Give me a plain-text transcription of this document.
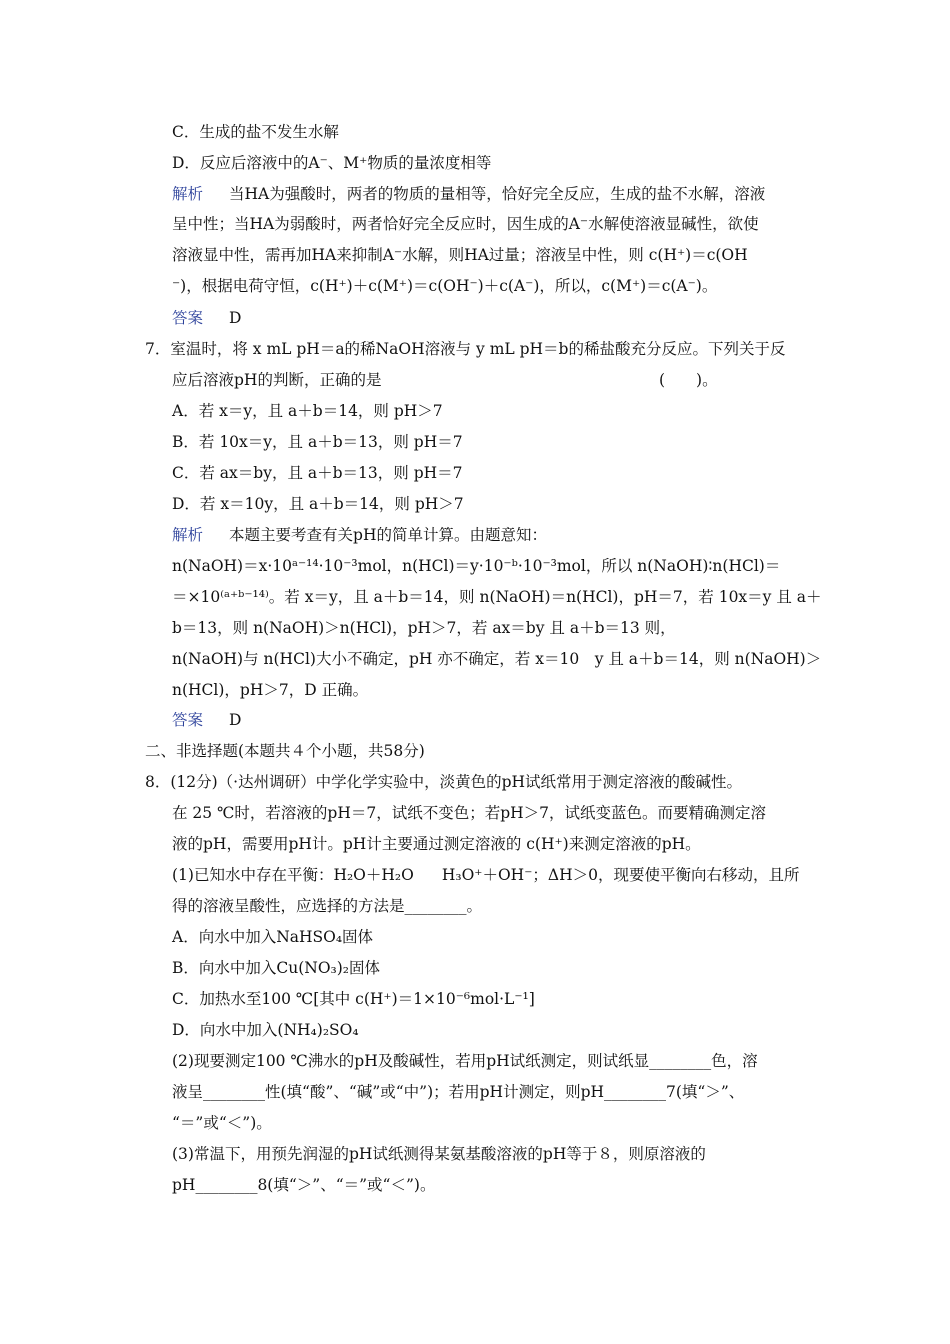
C．生成的盐不发生水解
D．反应后溶液中的A⁻、M⁺物质的量浓度相等
解析 当HA为强酸时，两者的物质的量相等，恰好完全反应，生成的盐不水解，溶液
呈中性；当HA为弱酸时，两者恰好完全反应时，因生成的A⁻水解使溶液显碱性，欲使
溶液显中性，需再加HA来抑制A⁻水解，则HA过量；溶液呈中性，则 c(H⁺)＝c(OH
⁻)，根据电荷守恒，c(H⁺)＋c(M⁺)＝c(OH⁻)＋c(A⁻)，所以，c(M⁺)＝c(A⁻)。
答案 D
7．室温时，将 x mL pH＝a的稀NaOH溶液与 y mL pH＝b的稀盐酸充分反应。下列关于反
应后溶液pH的判断，正确的是	(　　)。
A．若 x＝y，且 a＋b＝14，则 pH＞7
B．若 10x＝y，且 a＋b＝13，则 pH＝7
C．若 ax＝by，且 a＋b＝13，则 pH＝7
D．若 x＝10y，且 a＋b＝14，则 pH＞7
解析 本题主要考查有关pH的简单计算。由题意知：
n(NaOH)＝x·10ᵃ⁻¹⁴·10⁻³mol，n(HCl)＝y·10⁻ᵇ·10⁻³mol，所以 n(NaOH)∶n(HCl)＝
＝×10⁽ᵃ⁺ᵇ⁻¹⁴⁾。若 x＝y，且 a＋b＝14，则 n(NaOH)＝n(HCl)，pH＝7，若 10x＝y 且 a＋
b＝13，则 n(NaOH)＞n(HCl)，pH＞7，若 ax＝by 且 a＋b＝13 则，
n(NaOH)与 n(HCl)大小不确定，pH 亦不确定，若 x＝10　y 且 a＋b＝14，则 n(NaOH)＞
n(HCl)，pH＞7，D 正确。
答案 D
二、非选择题(本题共４个小题，共58分)
8．(12分)（·达州调研）中学化学实验中，淡黄色的pH试纸常用于测定溶液的酸碱性。
在 25 ℃时，若溶液的pH＝7，试纸不变色；若pH＞7，试纸变蓝色。而要精确测定溶
液的pH，需要用pH计。pH计主要通过测定溶液的 c(H⁺)来测定溶液的pH。
(1)已知水中存在平衡：H₂O＋H₂O H₃O⁺＋OH⁻；ΔH＞0，现要使平衡向右移动，且所
得的溶液呈酸性，应选择的方法是________。
A．向水中加入NaHSO₄固体
B．向水中加入Cu(NO₃)₂固体
C．加热水至100 ℃[其中 c(H⁺)＝1×10⁻⁶mol·L⁻¹]
D．向水中加入(NH₄)₂SO₄
(2)现要测定100 ℃沸水的pH及酸碱性，若用pH试纸测定，则试纸显________色，溶
液呈________性(填“酸”、“碱”或“中”)；若用pH计测定，则pH________7(填“＞”、
“＝”或“＜”)。
(3)常温下，用预先润湿的pH试纸测得某氨基酸溶液的pH等于８，则原溶液的
pH________8(填“＞”、“＝”或“＜”)。
